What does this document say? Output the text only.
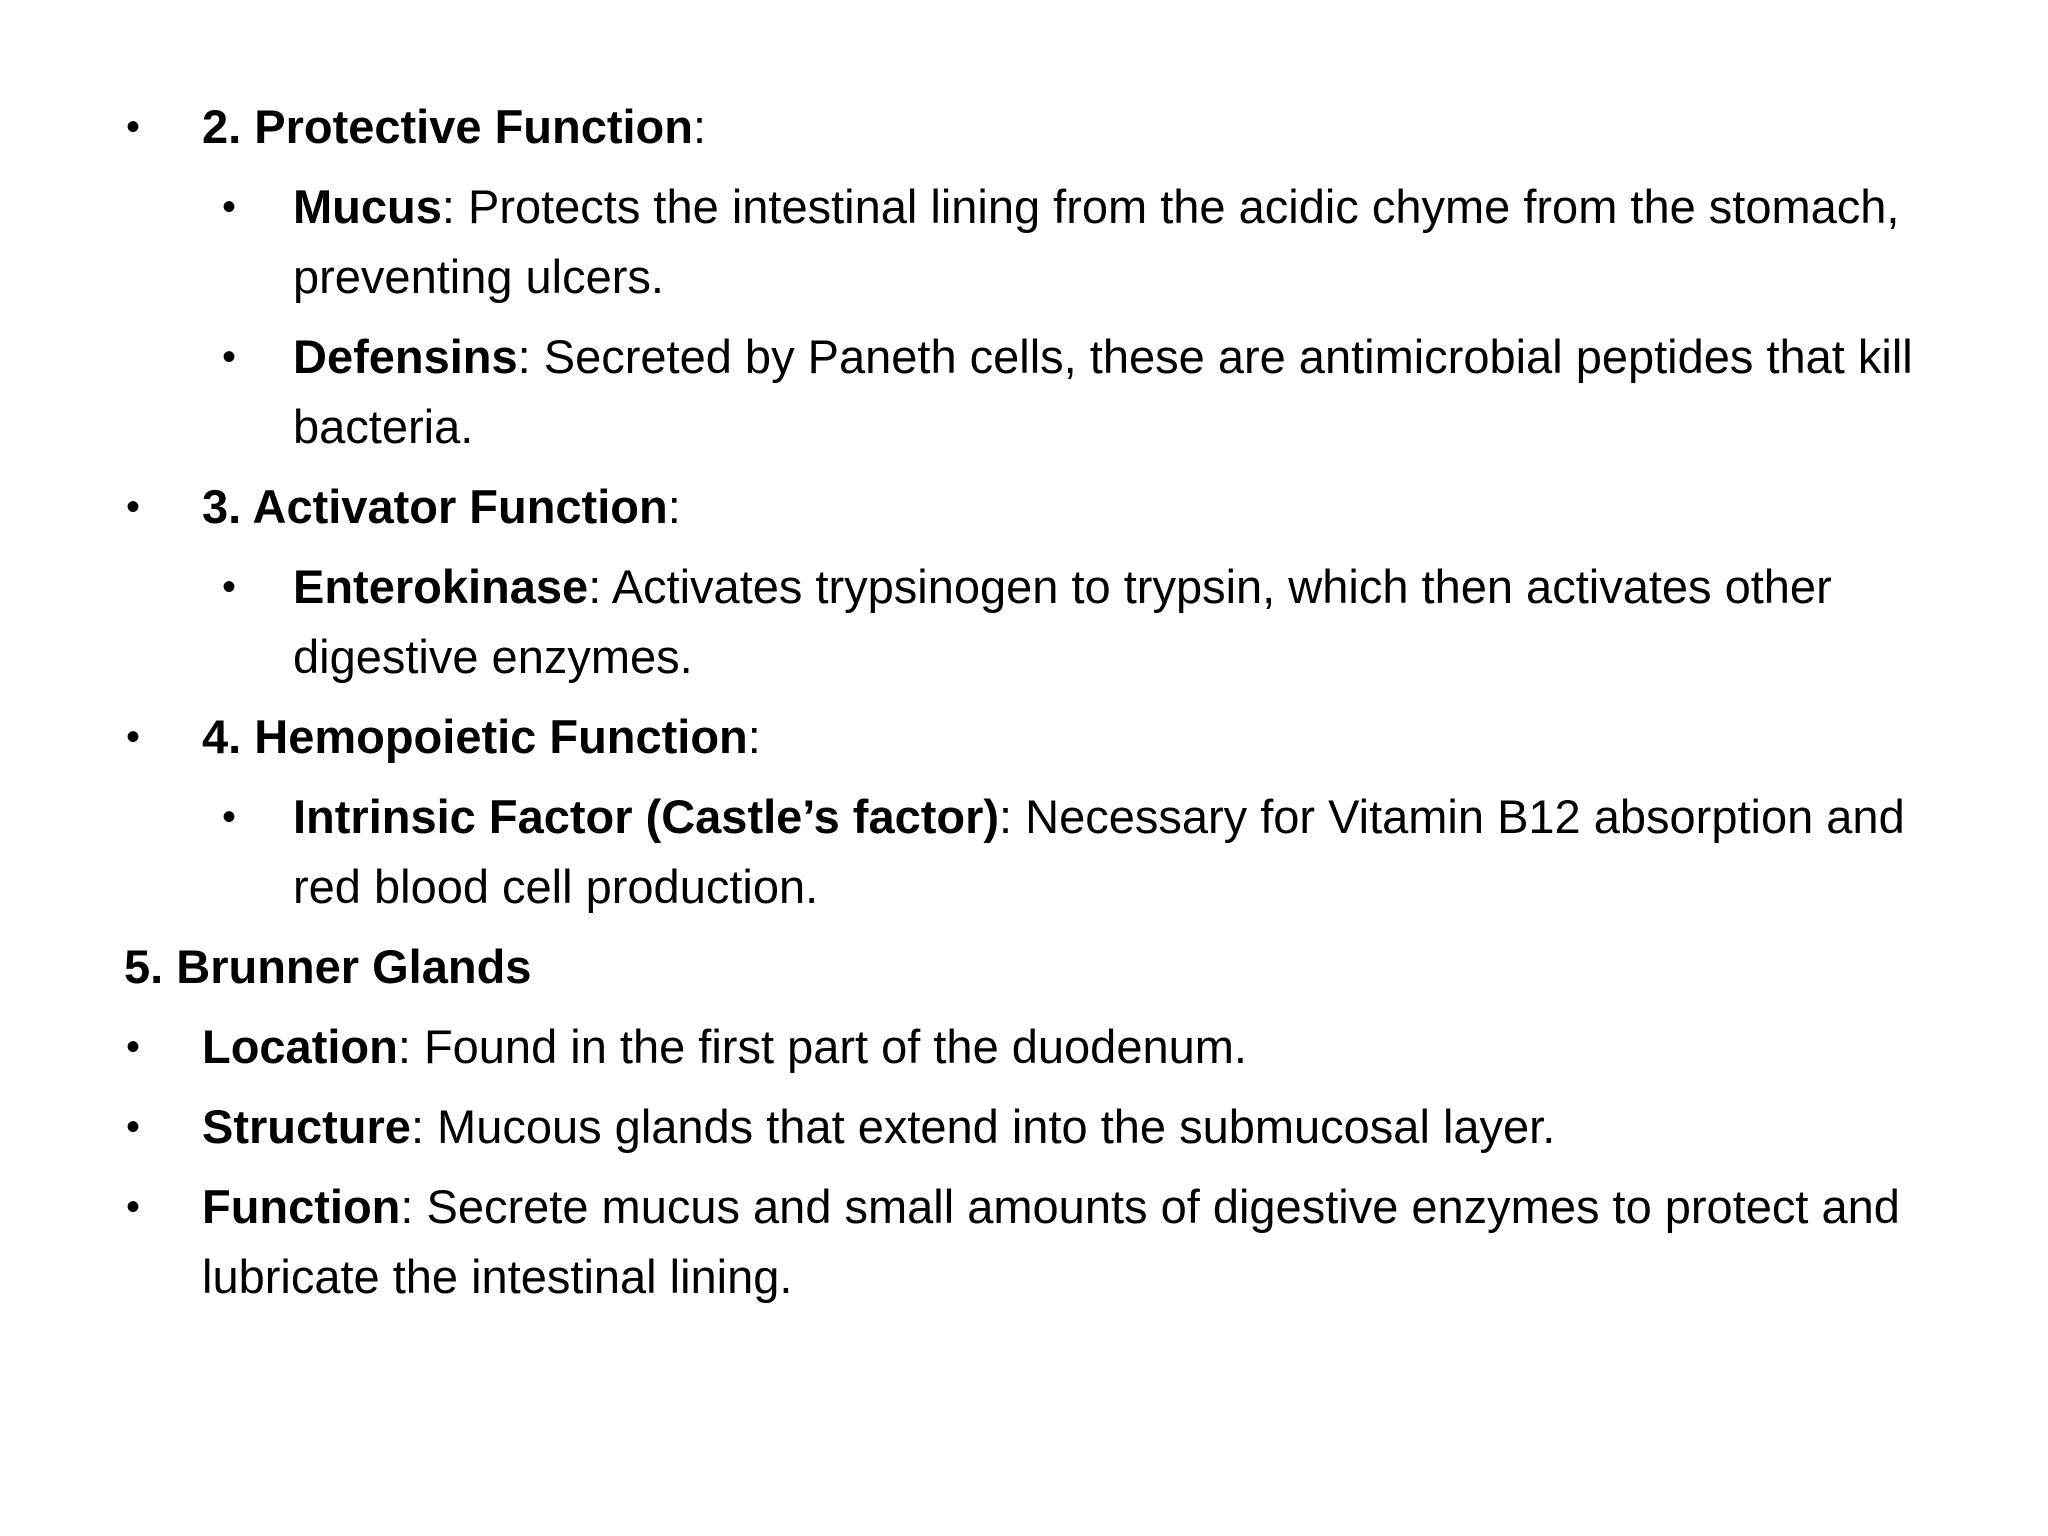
• 2. Protective Function:
• Mucus: Protects the intestinal lining from the acidic chyme from the stomach, preventing ulcers.
• Defensins: Secreted by Paneth cells, these are antimicrobial peptides that kill bacteria.
• 3. Activator Function:
• Enterokinase: Activates trypsinogen to trypsin, which then activates other digestive enzymes.
• 4. Hemopoietic Function:
• Intrinsic Factor (Castle’s factor): Necessary for Vitamin B12 absorption and red blood cell production.
5. Brunner Glands
• Location: Found in the first part of the duodenum.
• Structure: Mucous glands that extend into the submucosal layer.
• Function: Secrete mucus and small amounts of digestive enzymes to protect and lubricate the intestinal lining.
